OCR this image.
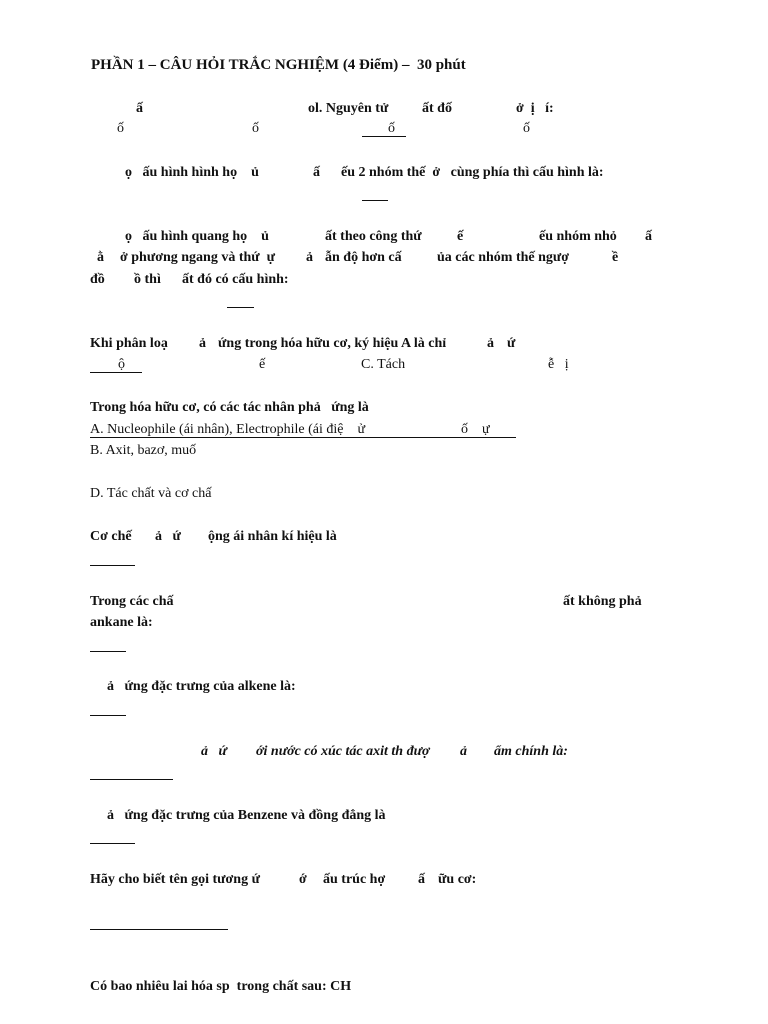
PHẦN 1 – CÂU HỎI TRẮC NGHIỆM (4 Điểm) –  30 phút
ấ	ol. Nguyên tử ất đố	ở  ị   í:
ố	ố	ố	ố
ọ   ấu hình hình họ    ủ	ấ ếu 2 nhóm thế  ở   cùng phía thì cấu hình là:
ọ   ấu hình quang họ    ủ	ất theo công thứ	ế	ếu nhóm nhỏ ấ
ằ ở phương ngang và thứ  ự ả ẫn độ hơn cấ	ủa các nhóm thế ngượ	ề
đồ ồ thì ất đó có cấu hình:
Khi phân loạ ả ứng trong hóa hữu cơ, ký hiệu A là chỉ	ả ứ
ộ	ế	C. Tách	ễ   ị
Trong hóa hữu cơ, có các tác nhân phả   ứng là
A. Nucleophile (ái nhân), Electrophile (ái điệ    ử	ố    ự
B. Axit, bazơ, muố
D. Tác chất và cơ chấ
Cơ chế ả   ứ ộng ái nhân kí hiệu là
Trong các chấ	ất không phả
ankane là:
ả   ứng đặc trưng của alkene là:
ả   ứ ới nước có xúc tác axit th đượ ả ẩm chính là:
ả   ứng đặc trưng của Benzene và đồng đẳng là
Hãy cho biết tên gọi tương ứ	ớ ấu trúc hợ ấ ữu cơ:
Có bao nhiêu lai hóa sp  trong chất sau: CH
